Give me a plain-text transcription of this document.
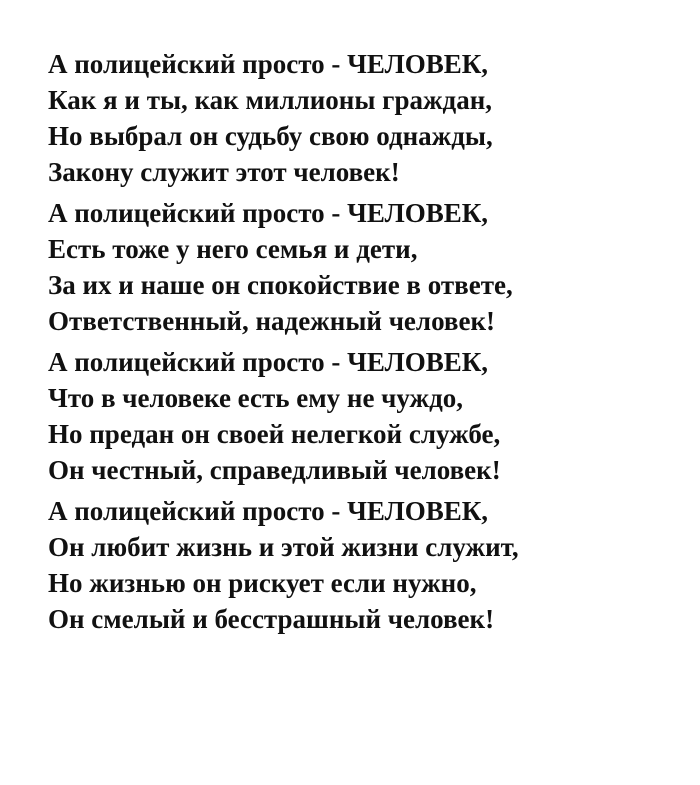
А полицейский просто - ЧЕЛОВЕК,
Как я и ты, как миллионы граждан,
Но выбрал он судьбу свою однажды,
Закону служит этот человек!
А полицейский просто - ЧЕЛОВЕК,
Есть тоже у него семья и дети,
За их и наше он спокойствие в ответе,
Ответственный, надежный человек!
А полицейский просто - ЧЕЛОВЕК,
Что в человеке есть ему не чуждо,
Но предан он своей нелегкой службе,
Он честный, справедливый человек!
А полицейский просто - ЧЕЛОВЕК,
Он любит жизнь и этой жизни служит,
Но жизнью он рискует если нужно,
Он смелый и бесстрашный человек!
